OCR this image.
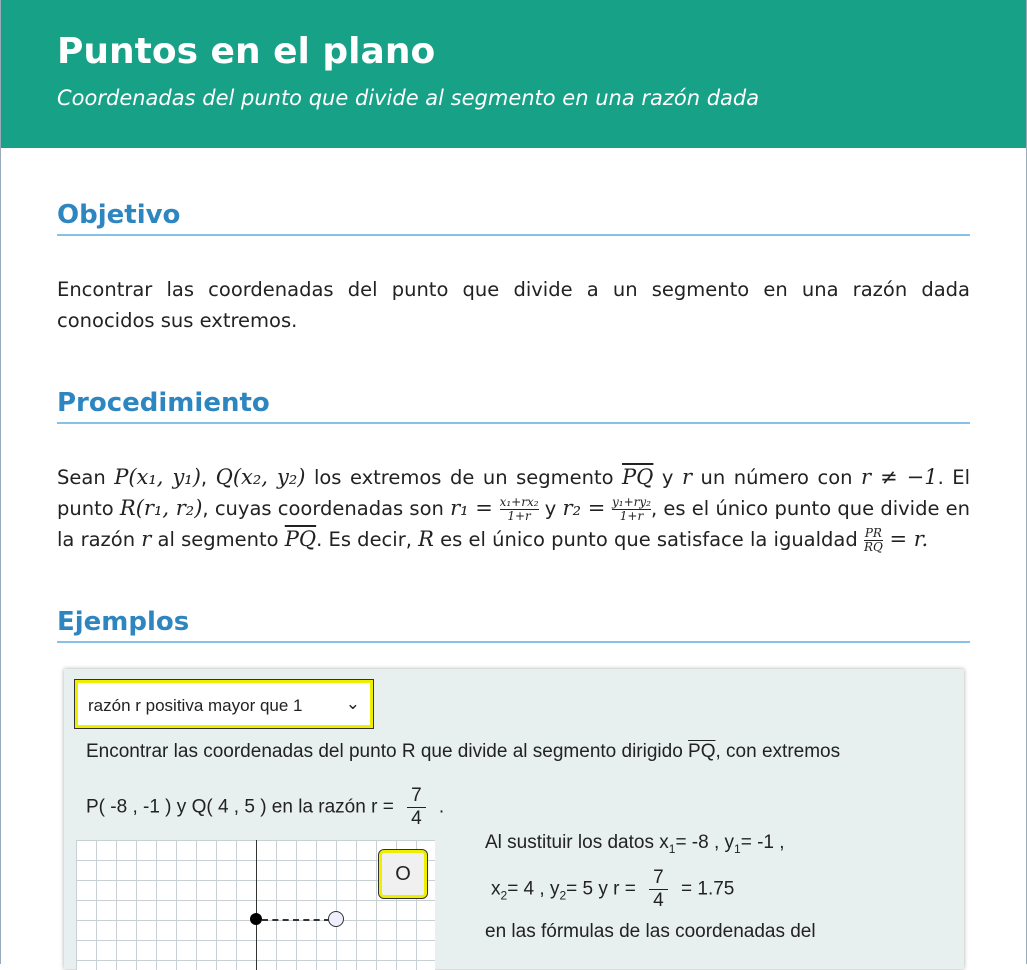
Puntos en el plano

Coordenadas del punto que divide al segmento en una razón dada

Objetivo

Encontrar las coordenadas del punto que divide a un segmento en una razón dada conocidos sus extremos.

Procedimiento

Sean P(x₁, y₁), Q(x₂, y₂) los extremos de un segmento $\overline{PQ}$ y r un número con r ≠ −1. El punto R(r₁, r₂), cuyas coordenadas son $r_1 = \frac{\text{x₁+rx₂}}{1+r}$ y $r_2 = \frac{\text{y₁+ry₂}}{1+r}$ , es el único punto que divide en la razón r al segmento $\overline{PQ}$. Es decir, R es el único punto que satisface la igualdad $\frac{PR}{RQ} = r$.

Ejemplos
razón r positiva mayor que 1	⌄
Encontrar las coordenadas del punto R que divide al segmento dirigido $\overline{PQ}$, con extremos
P( -8 , -1 ) y Q( 4 , 5 ) en la razón $r = \frac{7}{4}$ .
O
Al sustituir los datos $x_1= -8$ , $y_1= -1$ ,
$x_2= 4$ , $y_2= 5$ y $r = \frac{7}{4} = 1.75$
en las fórmulas de las coordenadas del
